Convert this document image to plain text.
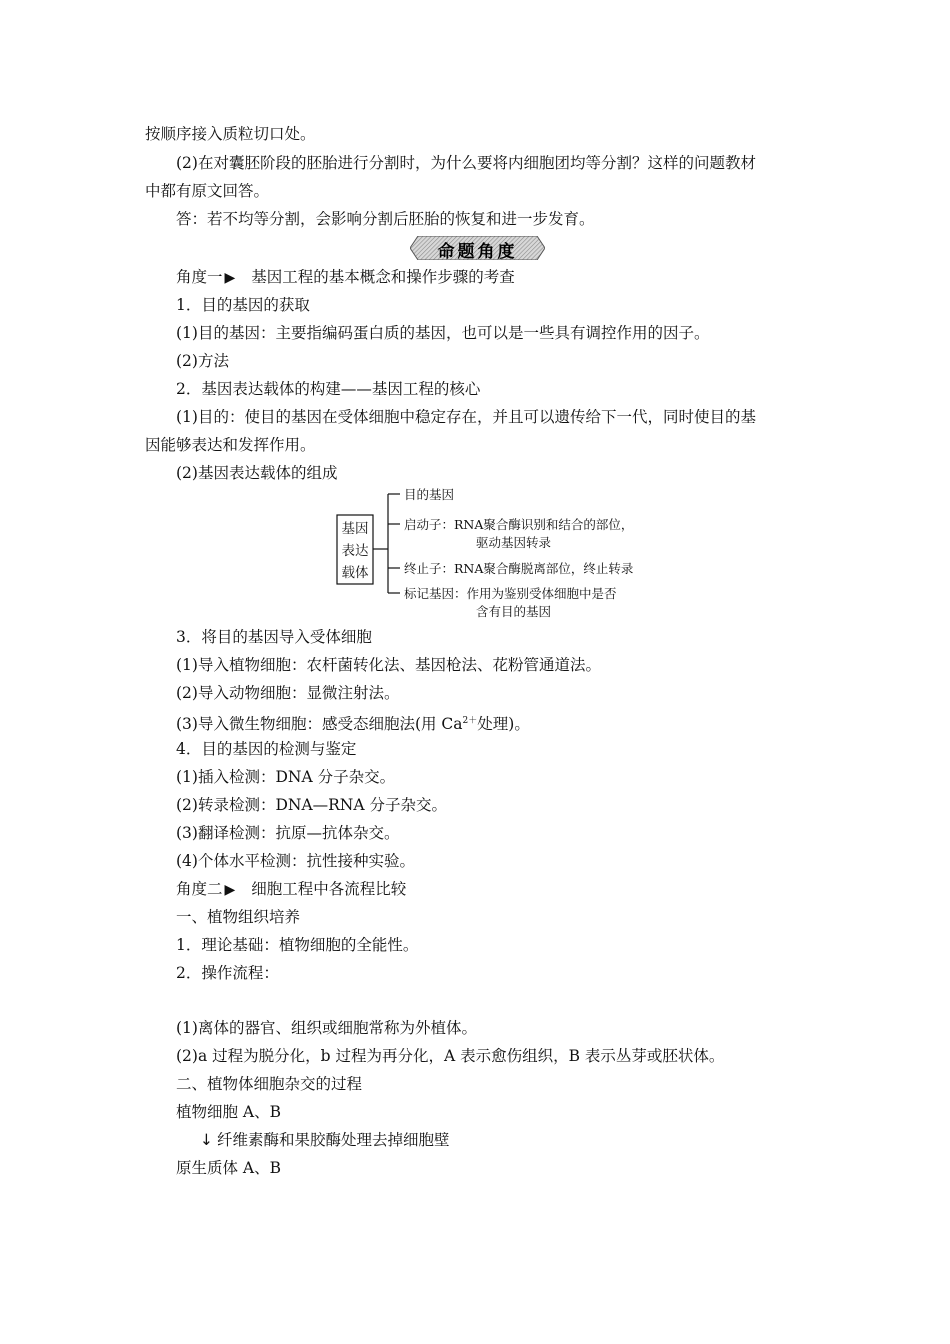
按顺序接入质粒切口处。
(2)在对囊胚阶段的胚胎进行分割时，为什么要将内细胞团均等分割？这样的问题教材
中都有原文回答。
答：若不均等分割，会影响分割后胚胎的恢复和进一步发育。
命题角度
角度一 ▶ 基因工程的基本概念和操作步骤的考查
1．目的基因的获取
(1)目的基因：主要指编码蛋白质的基因，也可以是一些具有调控作用的因子。
(2)方法
2．基因表达载体的构建——基因工程的核心
(1)目的：使目的基因在受体细胞中稳定存在，并且可以遗传给下一代，同时使目的基
因能够表达和发挥作用。
(2)基因表达载体的组成
基因
表达
载体
目的基因
启动子：RNA聚合酶识别和结合的部位，
驱动基因转录
终止子：RNA聚合酶脱离部位，终止转录
标记基因：作用为鉴别受体细胞中是否
含有目的基因
3．将目的基因导入受体细胞
(1)导入植物细胞：农杆菌转化法、基因枪法、花粉管通道法。
(2)导入动物细胞：显微注射法。
(3)导入微生物细胞：感受态细胞法(用 $Ca^{2+}$处理)。
4．目的基因的检测与鉴定
(1)插入检测：DNA 分子杂交。
(2)转录检测：DNA—RNA 分子杂交。
(3)翻译检测：抗原—抗体杂交。
(4)个体水平检测：抗性接种实验。
角度二 ▶ 细胞工程中各流程比较
一、植物组织培养
1．理论基础：植物细胞的全能性。
2．操作流程：
(1)离体的器官、组织或细胞常称为外植体。
(2)a 过程为脱分化，b 过程为再分化，A 表示愈伤组织，B 表示丛芽或胚状体。
二、植物体细胞杂交的过程
植物细胞 A、B
↓ 纤维素酶和果胶酶处理去掉细胞壁
原生质体 A、B
